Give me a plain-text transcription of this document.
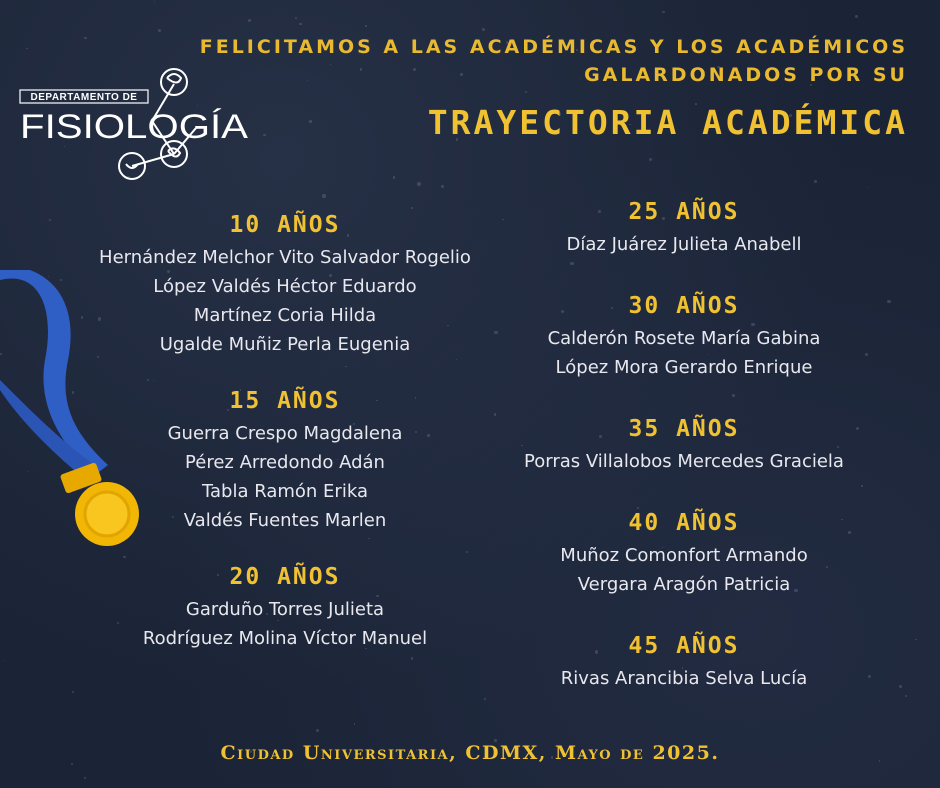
DEPARTAMENTO DE
FISIOLOGÍA
FELICITAMOS A LAS ACADÉMICAS Y LOS ACADÉMICOS
GALARDONADOS POR SU
TRAYECTORIA ACADÉMICA
10 AÑOS
Hernández Melchor Vito Salvador Rogelio
López Valdés Héctor Eduardo
Martínez Coria Hilda
Ugalde Muñiz Perla Eugenia
15 AÑOS
Guerra Crespo Magdalena
Pérez Arredondo Adán
Tabla Ramón Erika
Valdés Fuentes Marlen
20 AÑOS
Garduño Torres Julieta
Rodríguez Molina Víctor Manuel
25 AÑOS
Díaz Juárez Julieta Anabell
30 AÑOS
Calderón Rosete María Gabina
López Mora Gerardo Enrique
35 AÑOS
Porras Villalobos Mercedes Graciela
40 AÑOS
Muñoz Comonfort Armando
Vergara Aragón Patricia
45 AÑOS
Rivas Arancibia Selva Lucía
Ciudad Universitaria, CDMX, Mayo de 2025.
